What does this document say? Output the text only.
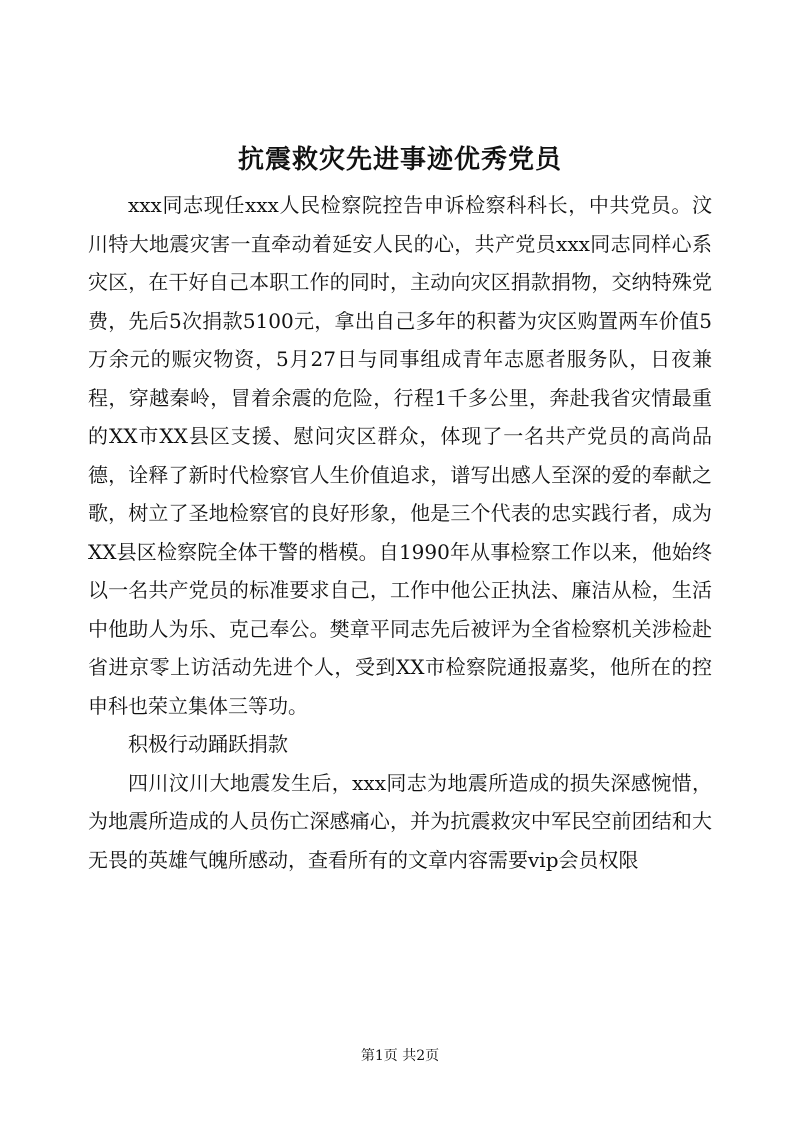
抗震救灾先进事迹优秀党员

xxx同志现任xxx人民检察院控告申诉检察科科长，中共党员。汶川特大地震灾害一直牵动着延安人民的心，共产党员xxx同志同样心系灾区，在干好自己本职工作的同时，主动向灾区捐款捐物，交纳特殊党费，先后5次捐款5100元，拿出自己多年的积蓄为灾区购置两车价值5万余元的赈灾物资，5月27日与同事组成青年志愿者服务队，日夜兼程，穿越秦岭，冒着余震的危险，行程1千多公里，奔赴我省灾情最重的XX市XX县区支援、慰问灾区群众，体现了一名共产党员的高尚品德，诠释了新时代检察官人生价值追求，谱写出感人至深的爱的奉献之歌，树立了圣地检察官的良好形象，他是三个代表的忠实践行者，成为XX县区检察院全体干警的楷模。自1990年从事检察工作以来，他始终以一名共产党员的标准要求自己，工作中他公正执法、廉洁从检，生活中他助人为乐、克己奉公。樊章平同志先后被评为全省检察机关涉检赴省进京零上访活动先进个人，受到XX市检察院通报嘉奖，他所在的控申科也荣立集体三等功。

积极行动踊跃捐款

四川汶川大地震发生后，xxx同志为地震所造成的损失深感惋惜，为地震所造成的人员伤亡深感痛心，并为抗震救灾中军民空前团结和大无畏的英雄气魄所感动，查看所有的文章内容需要vip会员权限

第1页 共2页
